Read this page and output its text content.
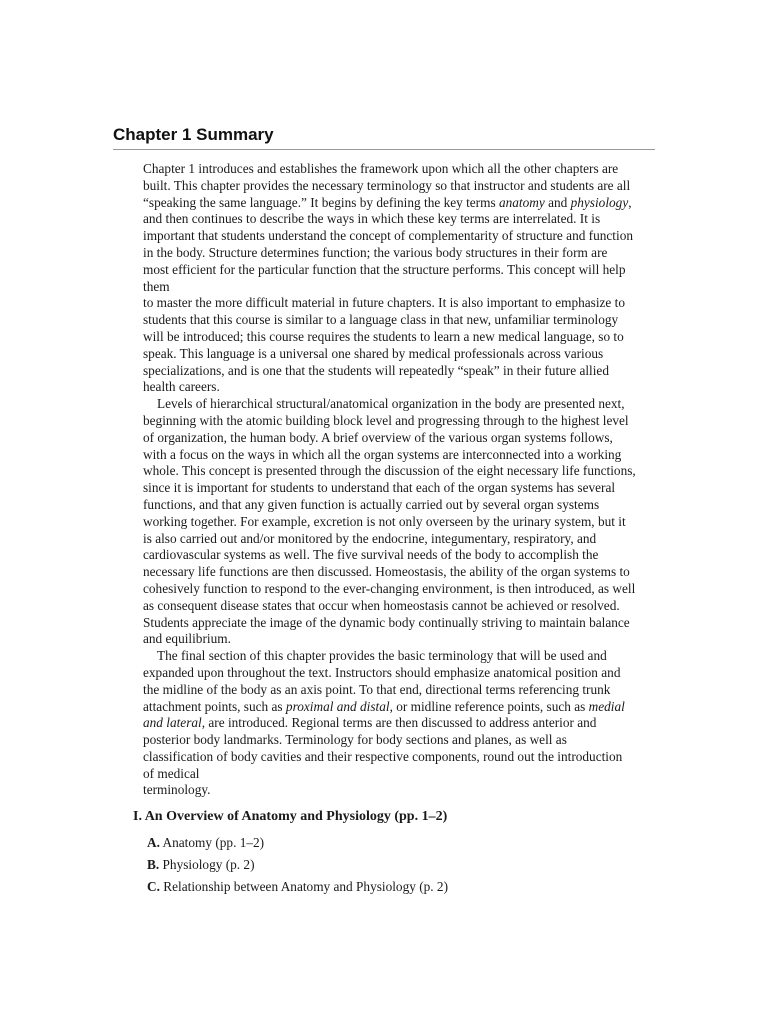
Chapter 1 Summary
Chapter 1 introduces and establishes the framework upon which all the other chapters are
built. This chapter provides the necessary terminology so that instructor and students are all
“speaking the same language.” It begins by defining the key terms anatomy and physiology,
and then continues to describe the ways in which these key terms are interrelated. It is
important that students understand the concept of complementarity of structure and function
in the body. Structure determines function; the various body structures in their form are
most efficient for the particular function that the structure performs. This concept will help
them
to master the more difficult material in future chapters. It is also important to emphasize to
students that this course is similar to a language class in that new, unfamiliar terminology
will be introduced; this course requires the students to learn a new medical language, so to
speak. This language is a universal one shared by medical professionals across various
specializations, and is one that the students will repeatedly “speak” in their future allied
health careers.
Levels of hierarchical structural/anatomical organization in the body are presented next,
beginning with the atomic building block level and progressing through to the highest level
of organization, the human body. A brief overview of the various organ systems follows,
with a focus on the ways in which all the organ systems are interconnected into a working
whole. This concept is presented through the discussion of the eight necessary life functions,
since it is important for students to understand that each of the organ systems has several
functions, and that any given function is actually carried out by several organ systems
working together. For example, excretion is not only overseen by the urinary system, but it
is also carried out and/or monitored by the endocrine, integumentary, respiratory, and
cardiovascular systems as well. The five survival needs of the body to accomplish the
necessary life functions are then discussed. Homeostasis, the ability of the organ systems to
cohesively function to respond to the ever-changing environment, is then introduced, as well
as consequent disease states that occur when homeostasis cannot be achieved or resolved.
Students appreciate the image of the dynamic body continually striving to maintain balance
and equilibrium.
The final section of this chapter provides the basic terminology that will be used and
expanded upon throughout the text. Instructors should emphasize anatomical position and
the midline of the body as an axis point. To that end, directional terms referencing trunk
attachment points, such as proximal and distal, or midline reference points, such as medial
and lateral, are introduced. Regional terms are then discussed to address anterior and
posterior body landmarks. Terminology for body sections and planes, as well as
classification of body cavities and their respective components, round out the introduction
of medical
terminology.
I. An Overview of Anatomy and Physiology (pp. 1–2)
A. Anatomy (pp. 1–2)
B. Physiology (p. 2)
C. Relationship between Anatomy and Physiology (p. 2)
